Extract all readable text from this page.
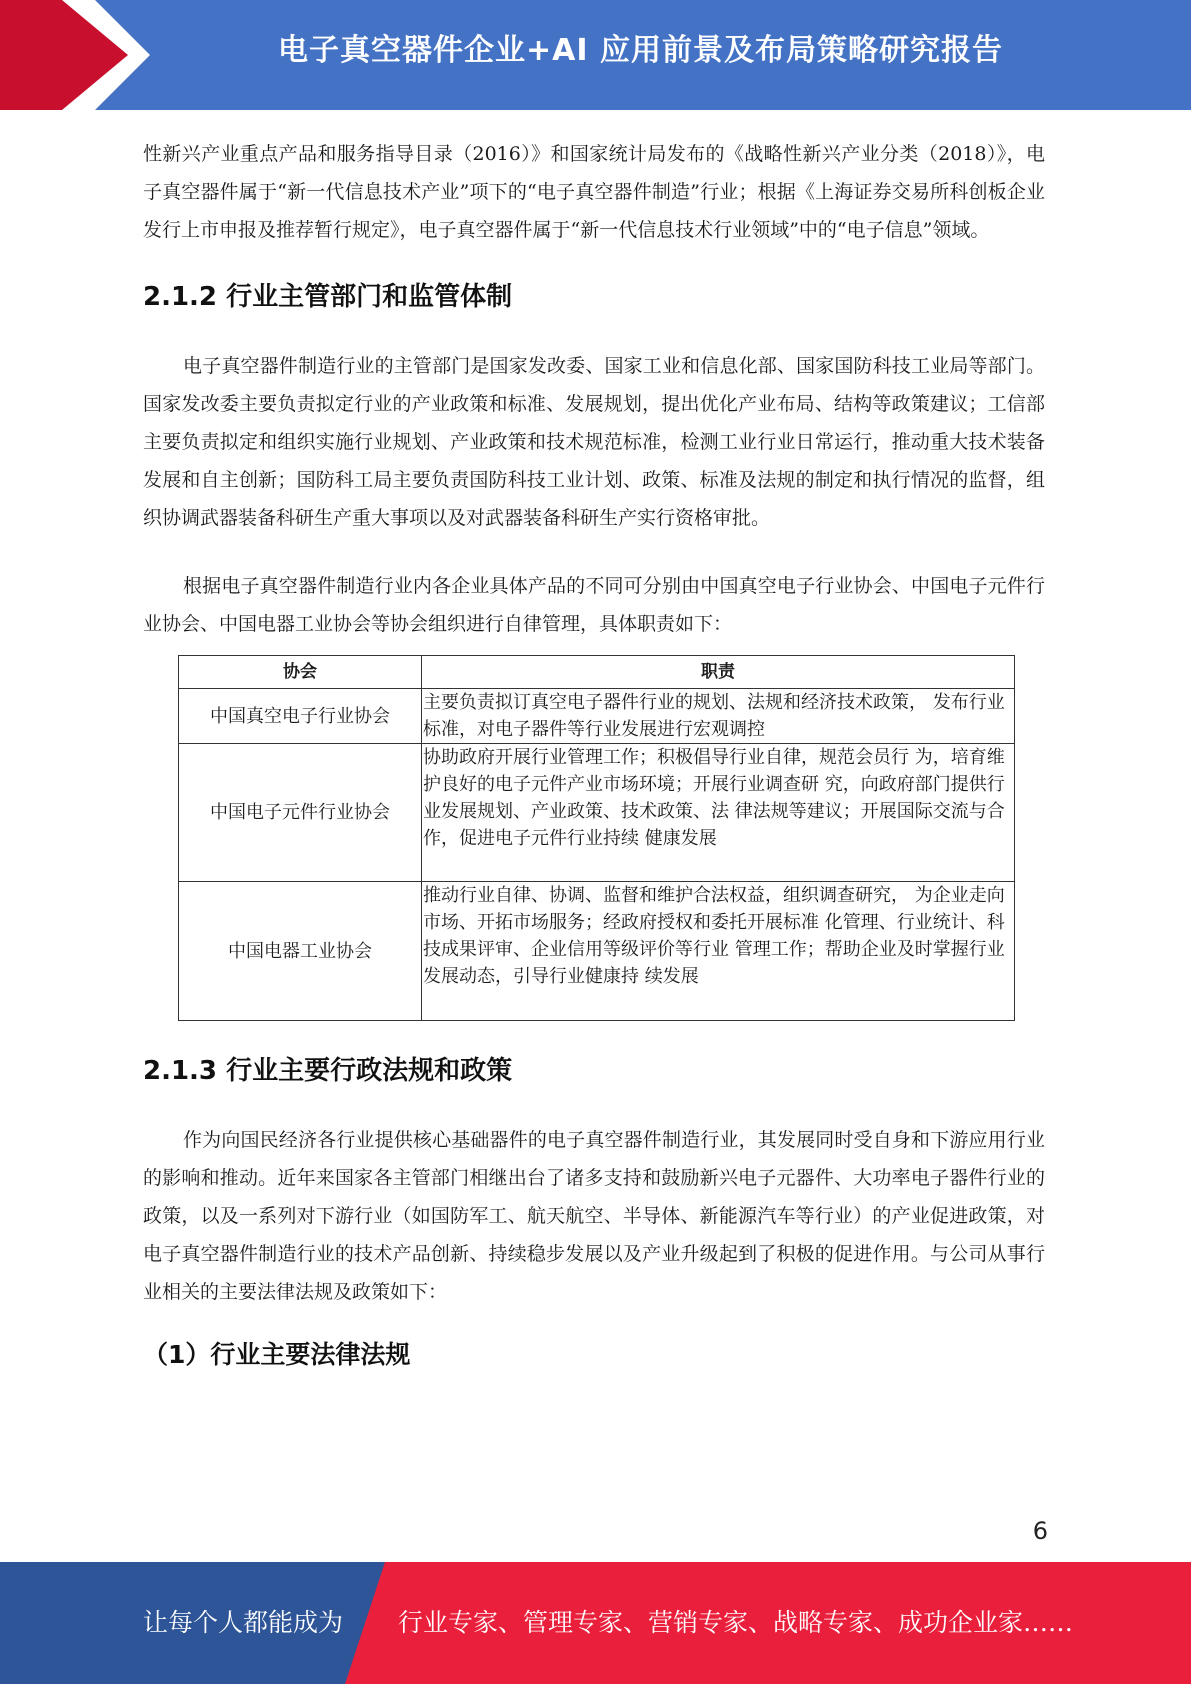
电子真空器件企业+AI 应用前景及布局策略研究报告

性新兴产业重点产品和服务指导目录（2016）》和国家统计局发布的《战略性新兴产业分类（2018）》，电子真空器件属于“新一代信息技术产业”项下的“电子真空器件制造”行业；根据《上海证券交易所科创板企业发行上市申报及推荐暂行规定》，电子真空器件属于“新一代信息技术行业领域”中的“电子信息”领域。

2.1.2 行业主管部门和监管体制

电子真空器件制造行业的主管部门是国家发改委、国家工业和信息化部、国家国防科技工业局等部门。国家发改委主要负责拟定行业的产业政策和标准、发展规划，提出优化产业布局、结构等政策建议；工信部主要负责拟定和组织实施行业规划、产业政策和技术规范标准，检测工业行业日常运行，推动重大技术装备发展和自主创新；国防科工局主要负责国防科技工业计划、政策、标准及法规的制定和执行情况的监督，组织协调武器装备科研生产重大事项以及对武器装备科研生产实行资格审批。

根据电子真空器件制造行业内各企业具体产品的不同可分别由中国真空电子行业协会、中国电子元件行业协会、中国电器工业协会等协会组织进行自律管理，具体职责如下：

协会	职责
中国真空电子行业协会	主要负责拟订真空电子器件行业的规划、法规和经济技术政策， 发布行业标准，对电子器件等行业发展进行宏观调控
中国电子元件行业协会	协助政府开展行业管理工作；积极倡导行业自律，规范会员行 为，培育维护良好的电子元件产业市场环境；开展行业调查研 究，向政府部门提供行业发展规划、产业政策、技术政策、法 律法规等建议；开展国际交流与合作，促进电子元件行业持续 健康发展
中国电器工业协会	推动行业自律、协调、监督和维护合法权益，组织调查研究， 为企业走向市场、开拓市场服务；经政府授权和委托开展标准 化管理、行业统计、科技成果评审、企业信用等级评价等行业 管理工作；帮助企业及时掌握行业发展动态，引导行业健康持 续发展
2.1.3 行业主要行政法规和政策

作为向国民经济各行业提供核心基础器件的电子真空器件制造行业，其发展同时受自身和下游应用行业的影响和推动。近年来国家各主管部门相继出台了诸多支持和鼓励新兴电子元器件、大功率电子器件行业的政策，以及一系列对下游行业（如国防军工、航天航空、半导体、新能源汽车等行业）的产业促进政策，对电子真空器件制造行业的技术产品创新、持续稳步发展以及产业升级起到了积极的促进作用。与公司从事行业相关的主要法律法规及政策如下：

（1）行业主要法律法规
6
让每个人都能成为 行业专家、管理专家、营销专家、战略专家、成功企业家……
